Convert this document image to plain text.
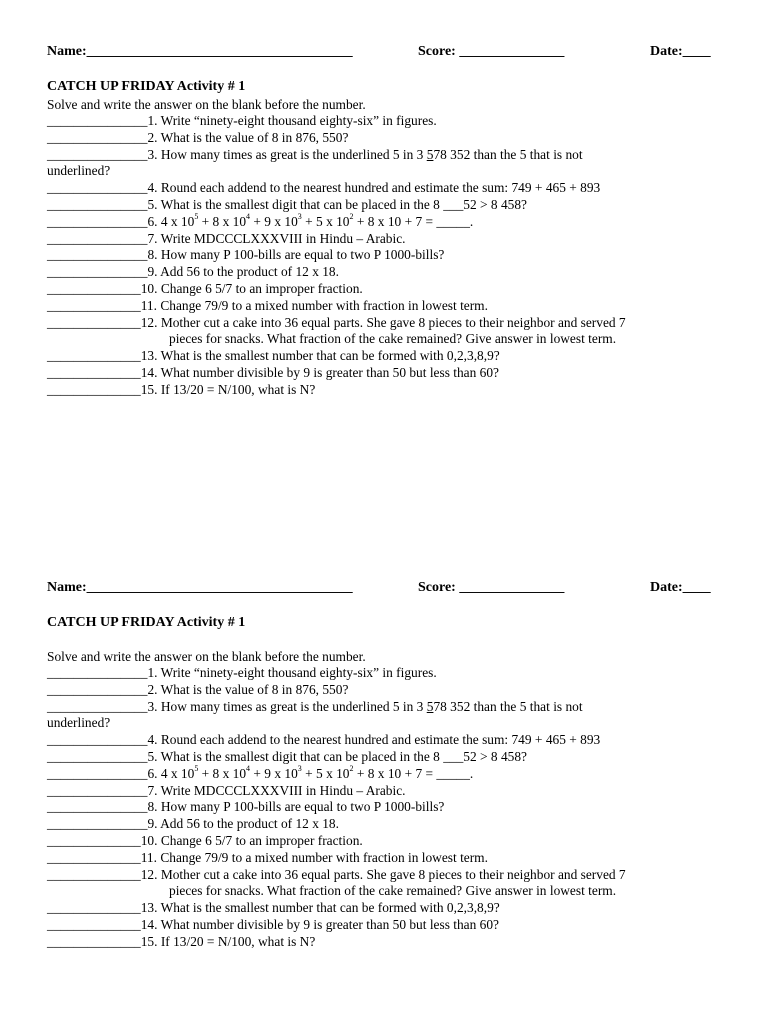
Name:______________________________________	Score: _______________	Date:____
CATCH UP FRIDAY Activity # 1
Solve and write the answer on the blank before the number.
_______________1. Write “ninety-eight thousand eighty-six” in figures.
_______________2. What is the value of 8 in 876, 550?
_______________3. How many times as great is the underlined 5 in 3 578 352 than the 5 that is not
underlined?
_______________4. Round each addend to the nearest hundred and estimate the sum: 749 + 465 + 893
_______________5. What is the smallest digit that can be placed in the 8 ___52 > 8 458?
_______________6. 4 x $10^5 + 8$ x $10^4 + 9$ x $10^3 + 5$ x $10^2 + 8$ x 10 + 7 = _____.
_______________7. Write MDCCCLXXXVIII in Hindu – Arabic.
_______________8. How many P 100-bills are equal to two P 1000-bills?
_______________9. Add 56 to the product of 12 x 18.
______________10. Change 6 5/7 to an improper fraction.
______________11. Change 79/9 to a mixed number with fraction in lowest term.
______________12. Mother cut a cake into 36 equal parts. She gave 8 pieces to their neighbor and served 7
pieces for snacks. What fraction of the cake remained? Give answer in lowest term.
______________13. What is the smallest number that can be formed with 0,2,3,8,9?
______________14. What number divisible by 9 is greater than 50 but less than 60?
______________15. If 13/20 = N/100, what is N?
Name:______________________________________	Score: _______________	Date:____
CATCH UP FRIDAY Activity # 1
Solve and write the answer on the blank before the number.
_______________1. Write “ninety-eight thousand eighty-six” in figures.
_______________2. What is the value of 8 in 876, 550?
_______________3. How many times as great is the underlined 5 in 3 578 352 than the 5 that is not
underlined?
_______________4. Round each addend to the nearest hundred and estimate the sum: 749 + 465 + 893
_______________5. What is the smallest digit that can be placed in the 8 ___52 > 8 458?
_______________6. 4 x $10^5 + 8$ x $10^4 + 9$ x $10^3 + 5$ x $10^2 + 8$ x 10 + 7 = _____.
_______________7. Write MDCCCLXXXVIII in Hindu – Arabic.
_______________8. How many P 100-bills are equal to two P 1000-bills?
_______________9. Add 56 to the product of 12 x 18.
______________10. Change 6 5/7 to an improper fraction.
______________11. Change 79/9 to a mixed number with fraction in lowest term.
______________12. Mother cut a cake into 36 equal parts. She gave 8 pieces to their neighbor and served 7
pieces for snacks. What fraction of the cake remained? Give answer in lowest term.
______________13. What is the smallest number that can be formed with 0,2,3,8,9?
______________14. What number divisible by 9 is greater than 50 but less than 60?
______________15. If 13/20 = N/100, what is N?
